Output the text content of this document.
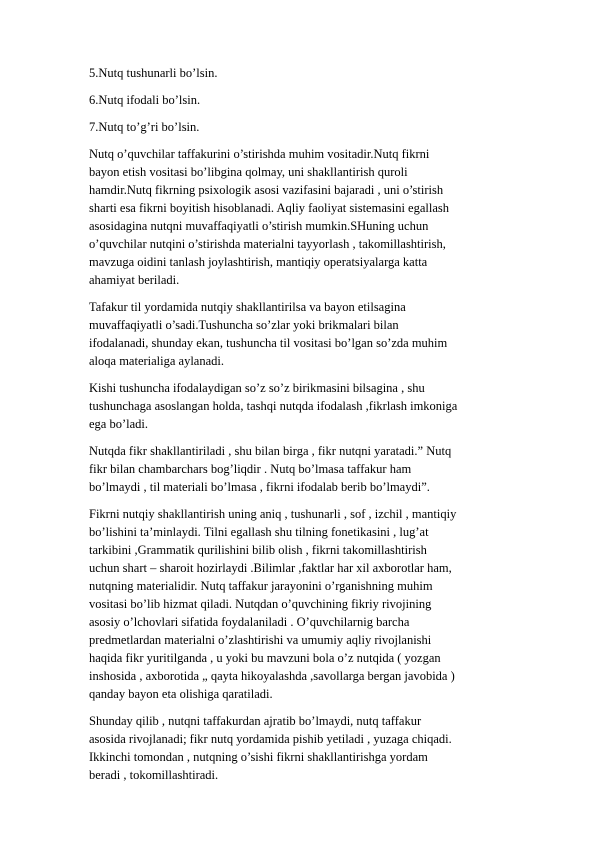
5.Nutq tushunarli bo’lsin.

6.Nutq ifodali bo’lsin.

7.Nutq to’g’ri bo’lsin.

Nutq o’quvchilar taffakurini o’stirishda muhim vositadir.Nutq fikrni
bayon etish vositasi bo’libgina qolmay, uni shakllantirish quroli
hamdir.Nutq fikrning psixologik asosi vazifasini bajaradi , uni o’stirish
sharti esa fikrni boyitish hisoblanadi. Aqliy faoliyat sistemasini egallash
asosidagina nutqni muvaffaqiyatli o’stirish mumkin.SHuning uchun
o’quvchilar nutqini o’stirishda materialni tayyorlash , takomillashtirish,
mavzuga oidini tanlash joylashtirish, mantiqiy operatsiyalarga katta
ahamiyat beriladi.

Tafakur til yordamida nutqiy shakllantirilsa va bayon etilsagina
muvaffaqiyatli o’sadi.Tushuncha so’zlar yoki brikmalari bilan
ifodalanadi, shunday ekan, tushuncha til vositasi bo’lgan so’zda muhim
aloqa materialiga aylanadi.

Kishi tushuncha ifodalaydigan so’z so’z birikmasini bilsagina , shu
tushunchaga asoslangan holda, tashqi nutqda ifodalash ,fikrlash imkoniga
ega bo’ladi.

Nutqda fikr shakllantiriladi , shu bilan birga , fikr nutqni yaratadi.” Nutq
fikr bilan chambarchars bog’liqdir . Nutq bo’lmasa taffakur ham
bo’lmaydi , til materiali bo’lmasa , fikrni ifodalab berib bo’lmaydi”.

Fikrni nutqiy shakllantirish uning aniq , tushunarli , sof , izchil , mantiqiy
bo’lishini ta’minlaydi. Tilni egallash shu tilning fonetikasini , lug’at
tarkibini ,Grammatik qurilishini bilib olish , fikrni takomillashtirish
uchun shart – sharoit hozirlaydi .Bilimlar ,faktlar har xil axborotlar ham,
nutqning materialidir. Nutq taffakur jarayonini o’rganishning muhim
vositasi bo’lib hizmat qiladi. Nutqdan o’quvchining fikriy rivojining
asosiy o’lchovlari sifatida foydalaniladi . O’quvchilarnig barcha
predmetlardan materialni o’zlashtirishi va umumiy aqliy rivojlanishi
haqida fikr yuritilganda , u yoki bu mavzuni bola o’z nutqida ( yozgan
inshosida , axborotida „ qayta hikoyalashda ,savollarga bergan javobida )
qanday bayon eta olishiga qaratiladi.

Shunday qilib , nutqni taffakurdan ajratib bo’lmaydi, nutq taffakur
asosida rivojlanadi; fikr nutq yordamida pishib yetiladi , yuzaga chiqadi.
Ikkinchi tomondan , nutqning o’sishi fikrni shakllantirishga yordam
beradi , tokomillashtiradi.
